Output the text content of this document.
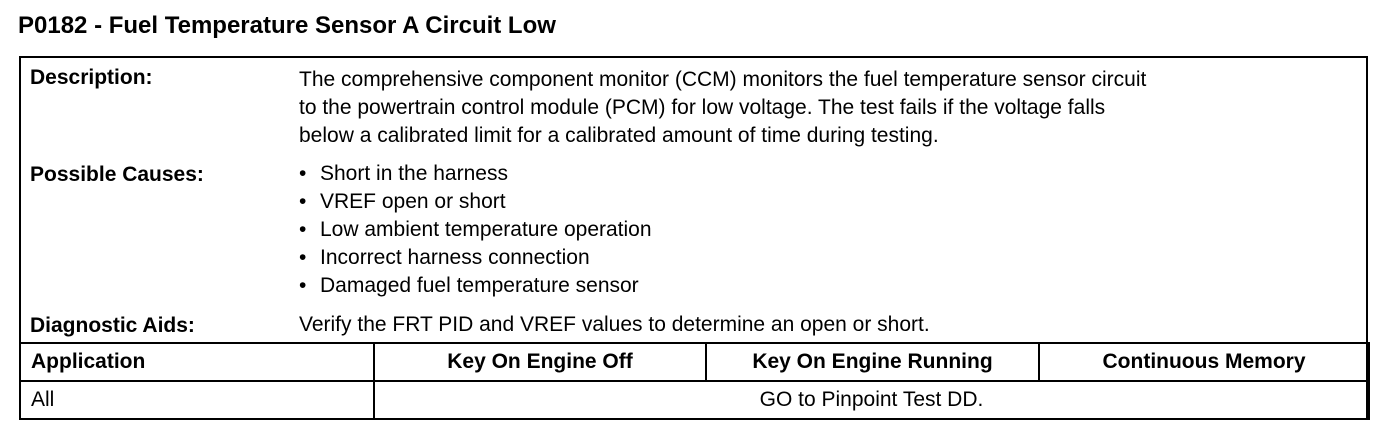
P0182 - Fuel Temperature Sensor A Circuit Low
Description:	The comprehensive component monitor (CCM) monitors the fuel temperature sensor circuit
to the powertrain control module (PCM) for low voltage. The test fails if the voltage falls
below a calibrated limit for a calibrated amount of time during testing.
Possible Causes:	• Short in the harness
• VREF open or short
• Low ambient temperature operation
• Incorrect harness connection
• Damaged fuel temperature sensor
Diagnostic Aids:	Verify the FRT PID and VREF values to determine an open or short.
Application	Key On Engine Off	Key On Engine Running	Continuous Memory
All	GO to Pinpoint Test DD.		
